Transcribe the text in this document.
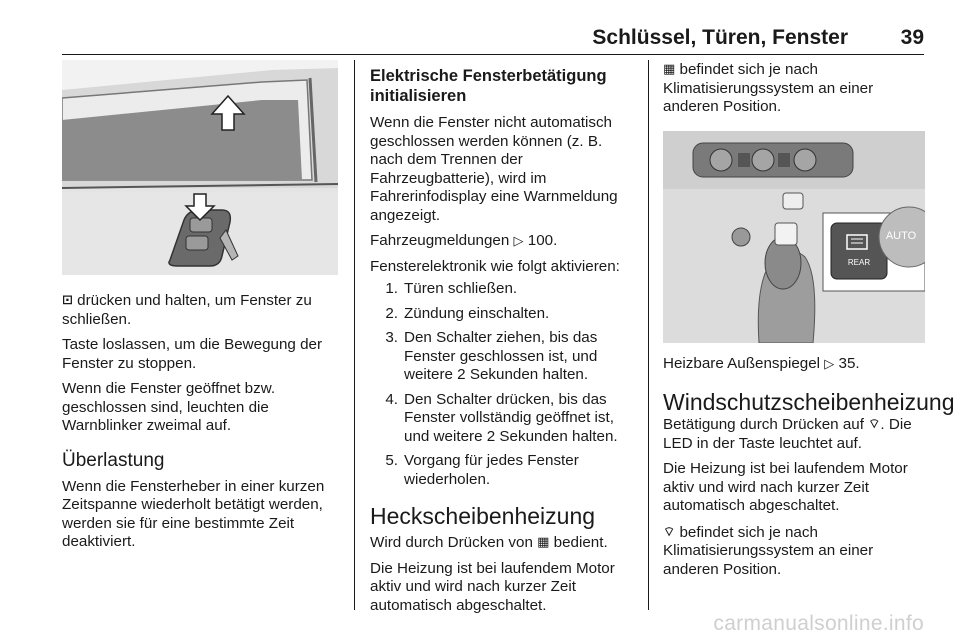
Schlüssel, Türen, Fenster	39

⊡ drücken und halten, um Fenster zu schließen.

Taste loslassen, um die Bewegung der Fenster zu stoppen.

Wenn die Fenster geöffnet bzw. geschlossen sind, leuchten die Warnblinker zweimal auf.

Überlastung

Wenn die Fensterheber in einer kurzen Zeitspanne wiederholt betätigt werden, werden sie für eine bestimmte Zeit deaktiviert.

Elektrische Fensterbetätigung initialisieren

Wenn die Fenster nicht automatisch geschlossen werden können (z. B. nach dem Trennen der Fahrzeugbatterie), wird im Fahrerinfodisplay eine Warnmeldung angezeigt.

Fahrzeugmeldungen ▷ 100.

Fensterelektronik wie folgt aktivieren:

1. Türen schließen.
2. Zündung einschalten.
3. Den Schalter ziehen, bis das Fenster geschlossen ist, und weitere 2 Sekunden halten.
4. Den Schalter drücken, bis das Fenster vollständig geöffnet ist, und weitere 2 Sekunden halten.
5. Vorgang für jedes Fenster wiederholen.
Heckscheibenheizung

Wird durch Drücken von ▦ bedient.

Die Heizung ist bei laufendem Motor aktiv und wird nach kurzer Zeit automatisch abgeschaltet.

▦ befindet sich je nach Klimatisierungssystem an einer anderen Position.

REAR
AUTO

Heizbare Außenspiegel ▷ 35.

Windschutzscheibenheizung

Betätigung durch Drücken auf ⌔. Die LED in der Taste leuchtet auf.

Die Heizung ist bei laufendem Motor aktiv und wird nach kurzer Zeit automatisch abgeschaltet.

⌔ befindet sich je nach Klimatisierungssystem an einer anderen Position.

carmanualsonline.info
